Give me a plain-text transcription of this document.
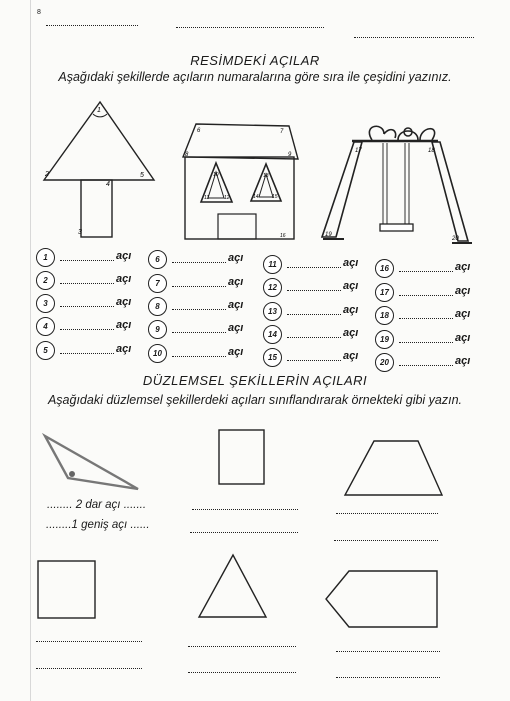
8
RESİMDEKİ AÇILAR
Aşağıdaki şekillerde açıların numaralarına göre sıra ile çeşidini yazınız.
1
2
3
4
5
6	7
8	9
10
11	12
13
14	15
16
17	18
19
20
1	açı
2	açı
3	açı
4	açı
5	açı
6	açı
7	açı
8	açı
9	açı
10	açı
11	açı
12	açı
13	açı
14	açı
15	açı
16	açı
17	açı
18	açı
19	açı
20	açı
DÜZLEMSEL ŞEKİLLERİN AÇILARI
Aşağıdaki düzlemsel şekillerdeki açıları sınıflandırarak örnekteki gibi yazın.
........ 2 dar açı .......
........1 geniş açı ......
